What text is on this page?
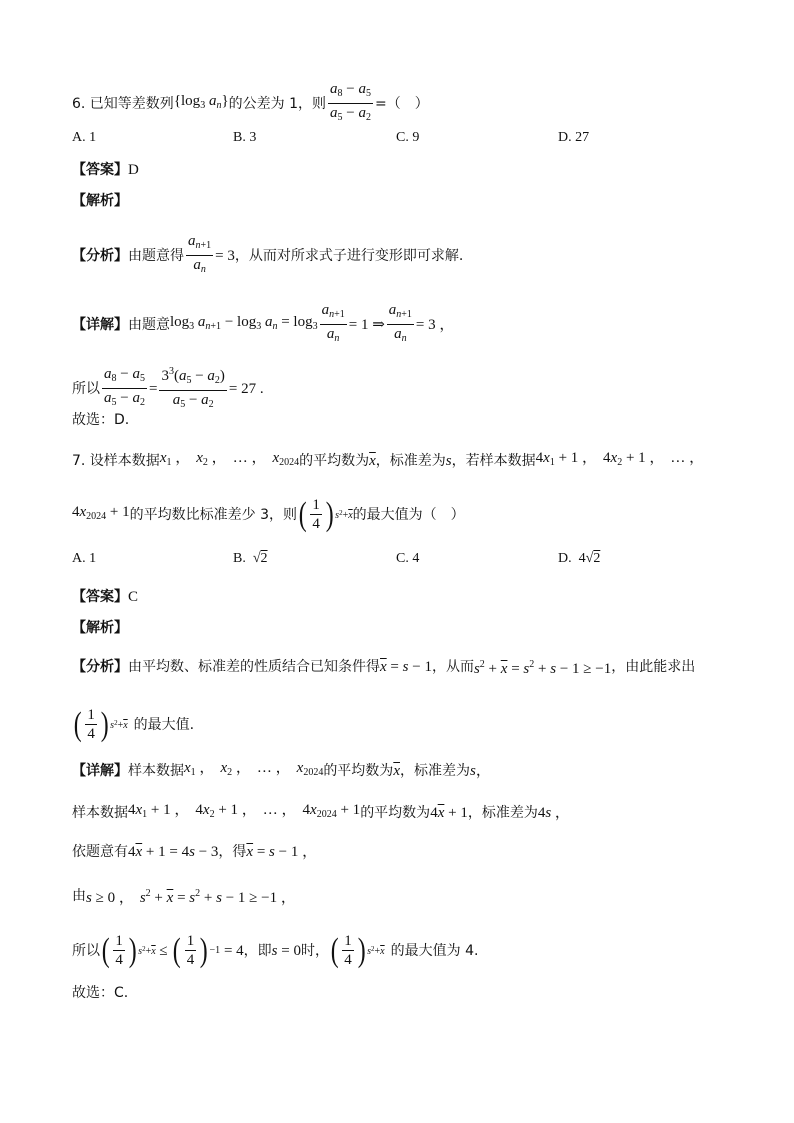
6. 已知等差数列 {$\log_3$ $a_n$} 的公差为 1，则 $\frac{a_8 - a_5}{a_5 - a_2}$ =（　）
A. 1	B. 3	C. 9	D. 27
【答案】 D
【解析】
【分析】 由题意得 $\frac{a_{n+1}}{a_n} = 3$ ，从而对所求式子进行变形即可求解.
【详解】 由题意 $\log_3 a_{n+1} - \log_3 a_n = \log_3 \frac{a_{n+1}}{a_n} = 1$ ⇒ $\frac{a_{n+1}}{a_n} = 3$ ，
所以 $\frac{a_8 - a_5}{a_5 - a_2} = \frac{3^3(a_5 - a_2)}{a_5 - a_2} = 27$ .
故选：D.
7. 设样本数据 $x_1$ ， $x_2$ ， … ， $x_{2024}$ 的平均数为 $\overline{x}$ ，标准差为 s ，若样本数据 $4x_1 + 1$ ， $4x_2 + 1$ ， … ，
$4x_{2024} + 1$ 的平均数比标准差少 3，则 ( $\frac{1}{4}$ ) $s^2+\overline{x}$ 的最大值为（　）
A. 1	B.  √2	C. 4	D.  4√2
【答案】 C
【解析】
【分析】 由平均数、标准差的性质结合已知条件得 $\overline{x} = s - 1$ ，从而 $s^2 + \overline{x} = s^2 + s - 1 \ge -1$ ，由此能求出
( $\frac{1}{4}$ ) $s^2+\overline{x}$ 的最大值.
【详解】 样本数据 $x_1$ ， $x_2$ ， … ， $x_{2024}$ 的平均数为 $\overline{x}$ ，标准差为 s ，
样本数据 $4x_1 + 1$ ， $4x_2 + 1$ ， … ， $4x_{2024} + 1$ 的平均数为 $4\overline{x} + 1$ ，标准差为 4s ，
依题意有 $4\overline{x} + 1 = 4s - 3$ ，得 $\overline{x} = s - 1$ ，
由 s ≥ 0 ， $s^2 + \overline{x} = s^2 + s - 1 \ge -1$ ，
所以 ( $\frac{1}{4}$ ) $s^2+\overline{x}$ ≤ ( $\frac{1}{4}$ ) −1 = 4 ，即 s = 0 时， ( $\frac{1}{4}$ ) $s^2+\overline{x}$ 的最大值为 4.
故选：C.
